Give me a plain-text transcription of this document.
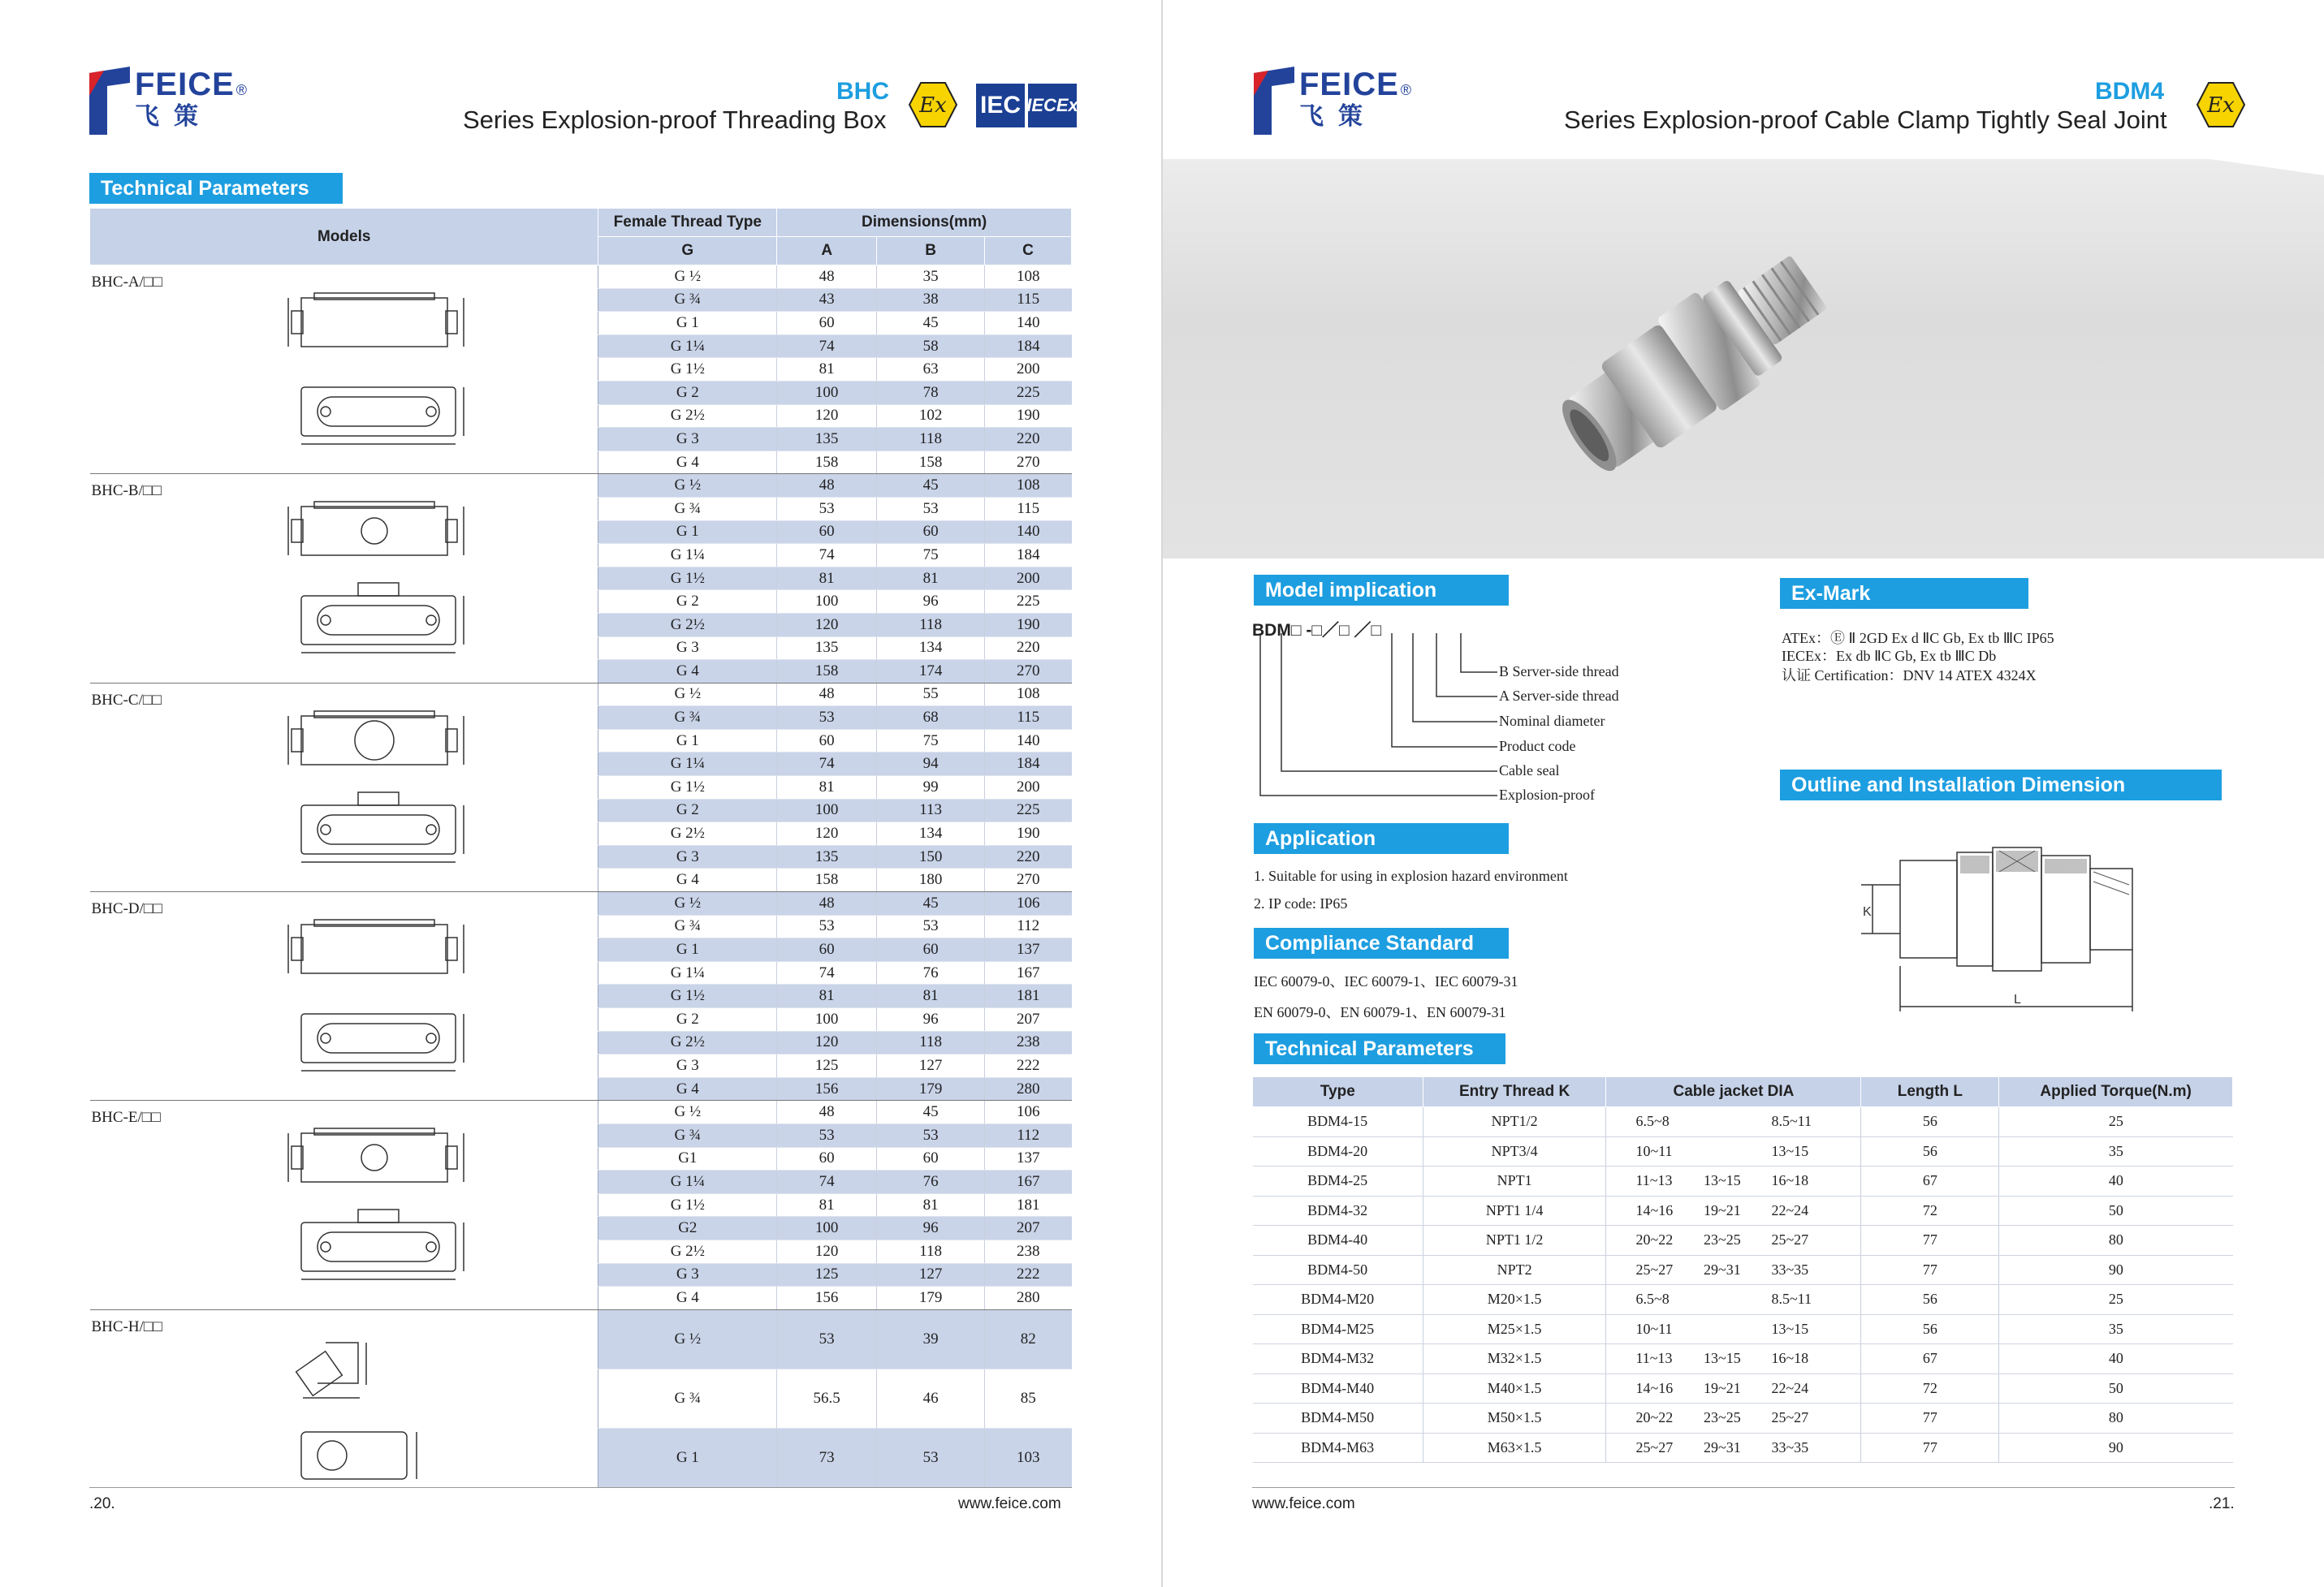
FEICE ®
飞策
BHC
Series Explosion-proof Threading Box Ex IEC IECEx
Technical Parameters
Models	Female Thread Type	Dimensions(mm)		
	G	A	B	C

BHC-A/□□	G ½	48	35	108
	G ¾	43	38	115
	G 1	60	45	140
	G 1¼	74	58	184
	G 1½	81	63	200
	G 2	100	78	225
	G 2½	120	102	190
	G 3	135	118	220
	G 4	158	158	270

BHC-B/□□	G ½	48	45	108
	G ¾	53	53	115
	G 1	60	60	140
	G 1¼	74	75	184
	G 1½	81	81	200
	G 2	100	96	225
	G 2½	120	118	190
	G 3	135	134	220
	G 4	158	174	270

BHC-C/□□	G ½	48	55	108
	G ¾	53	68	115
	G 1	60	75	140
	G 1¼	74	94	184
	G 1½	81	99	200
	G 2	100	113	225
	G 2½	120	134	190
	G 3	135	150	220
	G 4	158	180	270

BHC-D/□□	G ½	48	45	106
	G ¾	53	53	112
	G 1	60	60	137
	G 1¼	74	76	167
	G 1½	81	81	181
	G 2	100	96	207
	G 2½	120	118	238
	G 3	125	127	222
	G 4	156	179	280

BHC-E/□□	G ½	48	45	106
	G ¾	53	53	112
	G1	60	60	137
	G 1¼	74	76	167
	G 1½	81	81	181
	G2	100	96	207
	G 2½	120	118	238
	G 3	125	127	222
	G 4	156	179	280

BHC-H/□□	G ½	53	39	82
	G ¾	56.5	46	85
	G 1	73	53	103
.20.	www.feice.com
FEICE ®
飞策
BDM4
Series Explosion-proof Cable Clamp Tightly Seal Joint Ex
Model implication
BDM□ -□／□ ／□
B Server-side thread
A Server-side thread
Nominal diameter
Product code
Cable seal
Explosion-proof
Ex-Mark
ATEx：Ⓔ Ⅱ 2GD Ex d ⅡC Gb, Ex tb ⅢC IP65
IECEx：Ex db ⅡC Gb, Ex tb ⅢC Db
认证 Certification：DNV 14 ATEX 4324X
Application
1. Suitable for using in explosion hazard environment
2. IP code: IP65
Compliance Standard
IEC 60079-0、IEC 60079-1、IEC 60079-31
EN 60079-0、EN 60079-1、EN 60079-31
Outline and Installation Dimension
K
L
Technical Parameters
Type	Entry Thread K	Cable jacket DIA	Length L	Applied Torque(N.m)
BDM4-15	NPT1/2	6.5~8 8.5~11	56	25
BDM4-20	NPT3/4	10~11 13~15	56	35
BDM4-25	NPT1	11~13 13~15 16~18	67	40
BDM4-32	NPT1 1/4	14~16 19~21 22~24	72	50
BDM4-40	NPT1 1/2	20~22 23~25 25~27	77	80
BDM4-50	NPT2	25~27 29~31 33~35	77	90
BDM4-M20	M20×1.5	6.5~8 8.5~11	56	25
BDM4-M25	M25×1.5	10~11 13~15	56	35
BDM4-M32	M32×1.5	11~13 13~15 16~18	67	40
BDM4-M40	M40×1.5	14~16 19~21 22~24	72	50
BDM4-M50	M50×1.5	20~22 23~25 25~27	77	80
BDM4-M63	M63×1.5	25~27 29~31 33~35	77	90
www.feice.com	.21.
